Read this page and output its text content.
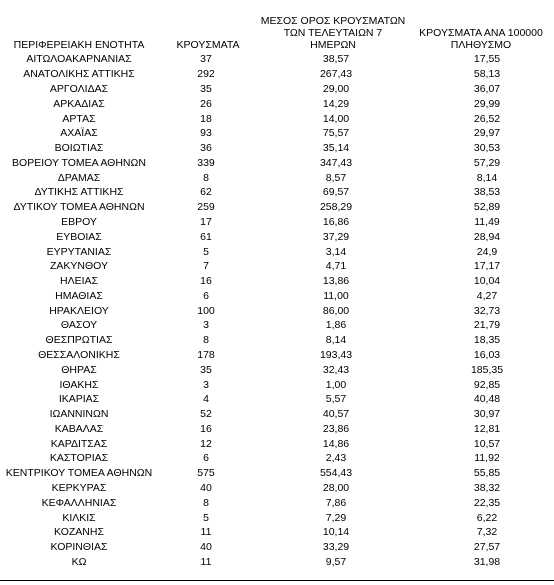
ΠΕΡΙΦΕΡΕΙΑΚΗ ΕΝΟΤΗΤΑ	ΚΡΟΥΣΜΑΤΑ	ΜΕΣΟΣ ΟΡΟΣ ΚΡΟΥΣΜΑΤΩΝ ΤΩΝ ΤΕΛΕΥΤΑΙΩΝ 7 ΗΜΕΡΩΝ	ΚΡΟΥΣΜΑΤΑ ΑΝΑ 100000 ΠΛΗΘΥΣΜΟ
ΑΙΤΩΛΟΑΚΑΡΝΑΝΙΑΣ	37	38,57	17,55
ΑΝΑΤΟΛΙΚΗΣ ΑΤΤΙΚΗΣ	292	267,43	58,13
ΑΡΓΟΛΙΔΑΣ	35	29,00	36,07
ΑΡΚΑΔΙΑΣ	26	14,29	29,99
ΑΡΤΑΣ	18	14,00	26,52
ΑΧΑΪΑΣ	93	75,57	29,97
ΒΟΙΩΤΙΑΣ	36	35,14	30,53
ΒΟΡΕΙΟΥ ΤΟΜΕΑ ΑΘΗΝΩΝ	339	347,43	57,29
ΔΡΑΜΑΣ	8	8,57	8,14
ΔΥΤΙΚΗΣ ΑΤΤΙΚΗΣ	62	69,57	38,53
ΔΥΤΙΚΟΥ ΤΟΜΕΑ ΑΘΗΝΩΝ	259	258,29	52,89
ΕΒΡΟΥ	17	16,86	11,49
ΕΥΒΟΙΑΣ	61	37,29	28,94
ΕΥΡΥΤΑΝΙΑΣ	5	3,14	24,9
ΖΑΚΥΝΘΟΥ	7	4,71	17,17
ΗΛΕΙΑΣ	16	13,86	10,04
ΗΜΑΘΙΑΣ	6	11,00	4,27
ΗΡΑΚΛΕΙΟΥ	100	86,00	32,73
ΘΑΣΟΥ	3	1,86	21,79
ΘΕΣΠΡΩΤΙΑΣ	8	8,14	18,35
ΘΕΣΣΑΛΟΝΙΚΗΣ	178	193,43	16,03
ΘΗΡΑΣ	35	32,43	185,35
ΙΘΑΚΗΣ	3	1,00	92,85
ΙΚΑΡΙΑΣ	4	5,57	40,48
ΙΩΑΝΝΙΝΩΝ	52	40,57	30,97
ΚΑΒΑΛΑΣ	16	23,86	12,81
ΚΑΡΔΙΤΣΑΣ	12	14,86	10,57
ΚΑΣΤΟΡΙΑΣ	6	2,43	11,92
ΚΕΝΤΡΙΚΟΥ ΤΟΜΕΑ ΑΘΗΝΩΝ	575	554,43	55,85
ΚΕΡΚΥΡΑΣ	40	28,00	38,32
ΚΕΦΑΛΛΗΝΙΑΣ	8	7,86	22,35
ΚΙΛΚΙΣ	5	7,29	6,22
ΚΟΖΑΝΗΣ	11	10,14	7,32
ΚΟΡΙΝΘΙΑΣ	40	33,29	27,57
ΚΩ	11	9,57	31,98
